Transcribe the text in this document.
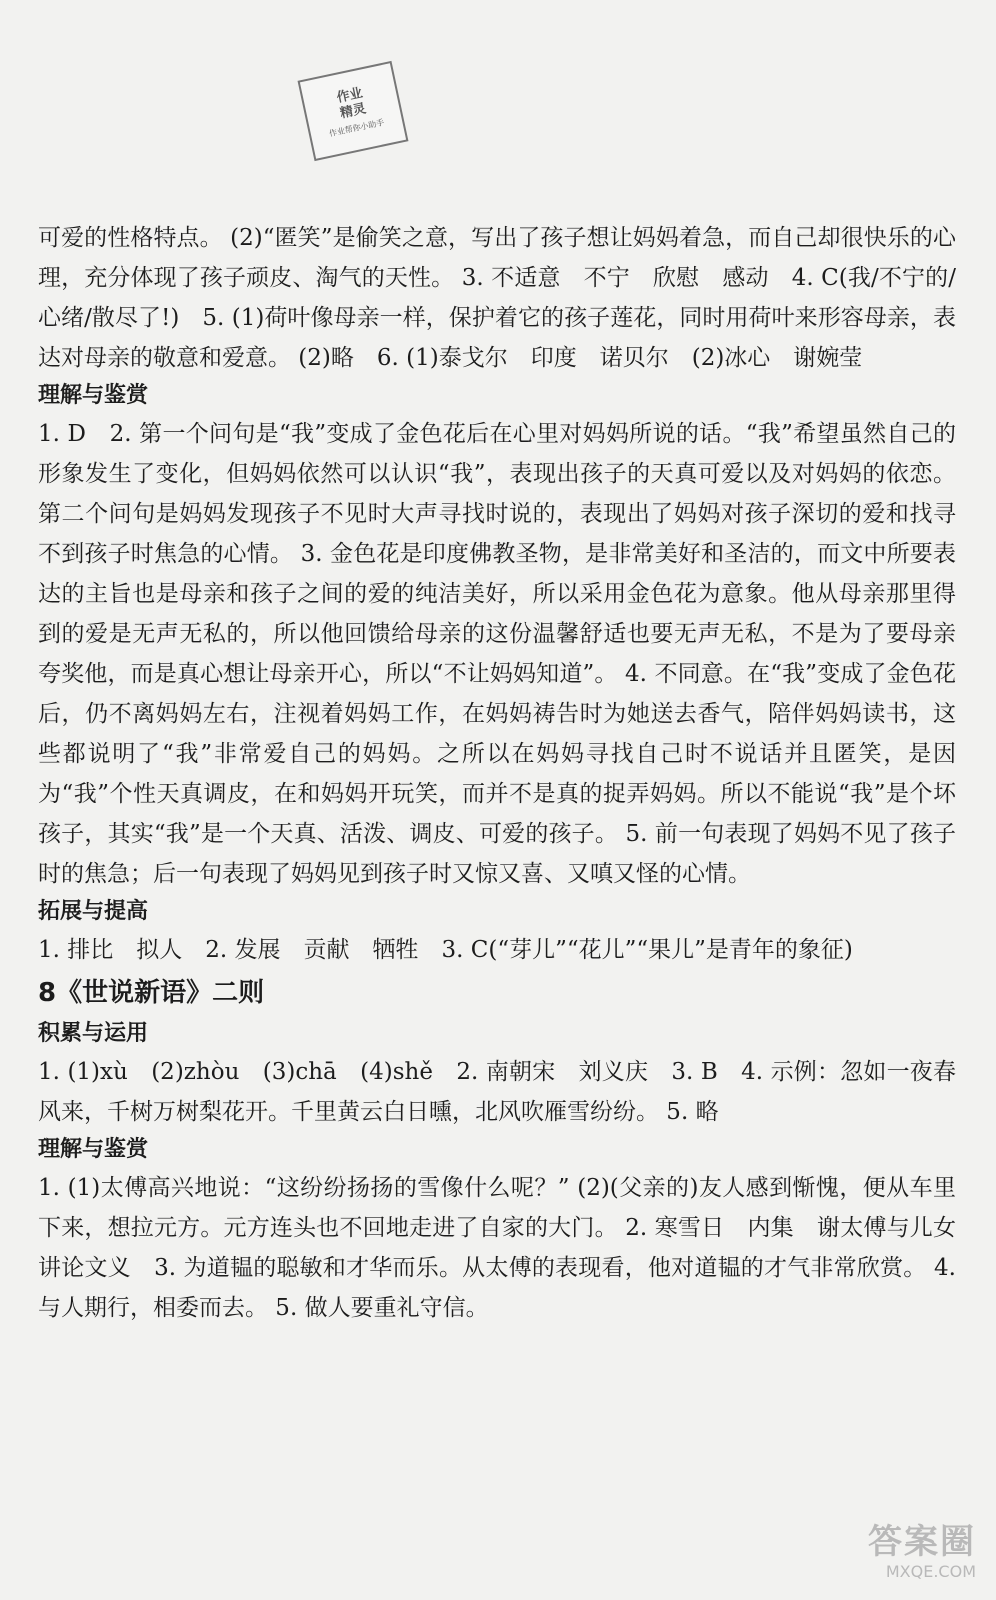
作业
精灵
作业帮你小助手

可爱的性格特点。 (2)“匿笑”是偷笑之意，写出了孩子想让妈妈着急，而自己却很快乐的心理，充分体现了孩子顽皮、淘气的天性。 3. 不适意　不宁　欣慰　感动　4. C(我/不宁的/心绪/散尽了!)　5. (1)荷叶像母亲一样，保护着它的孩子莲花，同时用荷叶来形容母亲，表达对母亲的敬意和爱意。 (2)略　6. (1)泰戈尔　印度　诺贝尔　(2)冰心　谢婉莹

理解与鉴赏

1. D　2. 第一个问句是“我”变成了金色花后在心里对妈妈所说的话。“我”希望虽然自己的形象发生了变化，但妈妈依然可以认识“我”，表现出孩子的天真可爱以及对妈妈的依恋。第二个问句是妈妈发现孩子不见时大声寻找时说的，表现出了妈妈对孩子深切的爱和找寻不到孩子时焦急的心情。 3. 金色花是印度佛教圣物，是非常美好和圣洁的，而文中所要表达的主旨也是母亲和孩子之间的爱的纯洁美好，所以采用金色花为意象。他从母亲那里得到的爱是无声无私的，所以他回馈给母亲的这份温馨舒适也要无声无私，不是为了要母亲夸奖他，而是真心想让母亲开心，所以“不让妈妈知道”。 4. 不同意。在“我”变成了金色花后，仍不离妈妈左右，注视着妈妈工作，在妈妈祷告时为她送去香气，陪伴妈妈读书，这些都说明了“我”非常爱自己的妈妈。之所以在妈妈寻找自己时不说话并且匿笑，是因为“我”个性天真调皮，在和妈妈开玩笑，而并不是真的捉弄妈妈。所以不能说“我”是个坏孩子，其实“我”是一个天真、活泼、调皮、可爱的孩子。 5. 前一句表现了妈妈不见了孩子时的焦急；后一句表现了妈妈见到孩子时又惊又喜、又嗔又怪的心情。

拓展与提高

1. 排比　拟人　2. 发展　贡献　牺牲　3. C(“芽儿”“花儿”“果儿”是青年的象征)

8《世说新语》二则

积累与运用

1. (1)xù　(2)zhòu　(3)chā　(4)shě　2. 南朝宋　刘义庆　3. B　4. 示例：忽如一夜春风来，千树万树梨花开。千里黄云白日曛，北风吹雁雪纷纷。 5. 略

理解与鉴赏

1. (1)太傅高兴地说：“这纷纷扬扬的雪像什么呢？” (2)(父亲的)友人感到惭愧，便从车里下来，想拉元方。元方连头也不回地走进了自家的大门。 2. 寒雪日　内集　谢太傅与儿女　讲论文义　3. 为道韫的聪敏和才华而乐。从太傅的表现看，他对道韫的才气非常欣赏。 4. 与人期行，相委而去。 5. 做人要重礼守信。

答案圈
MXQE.COM
